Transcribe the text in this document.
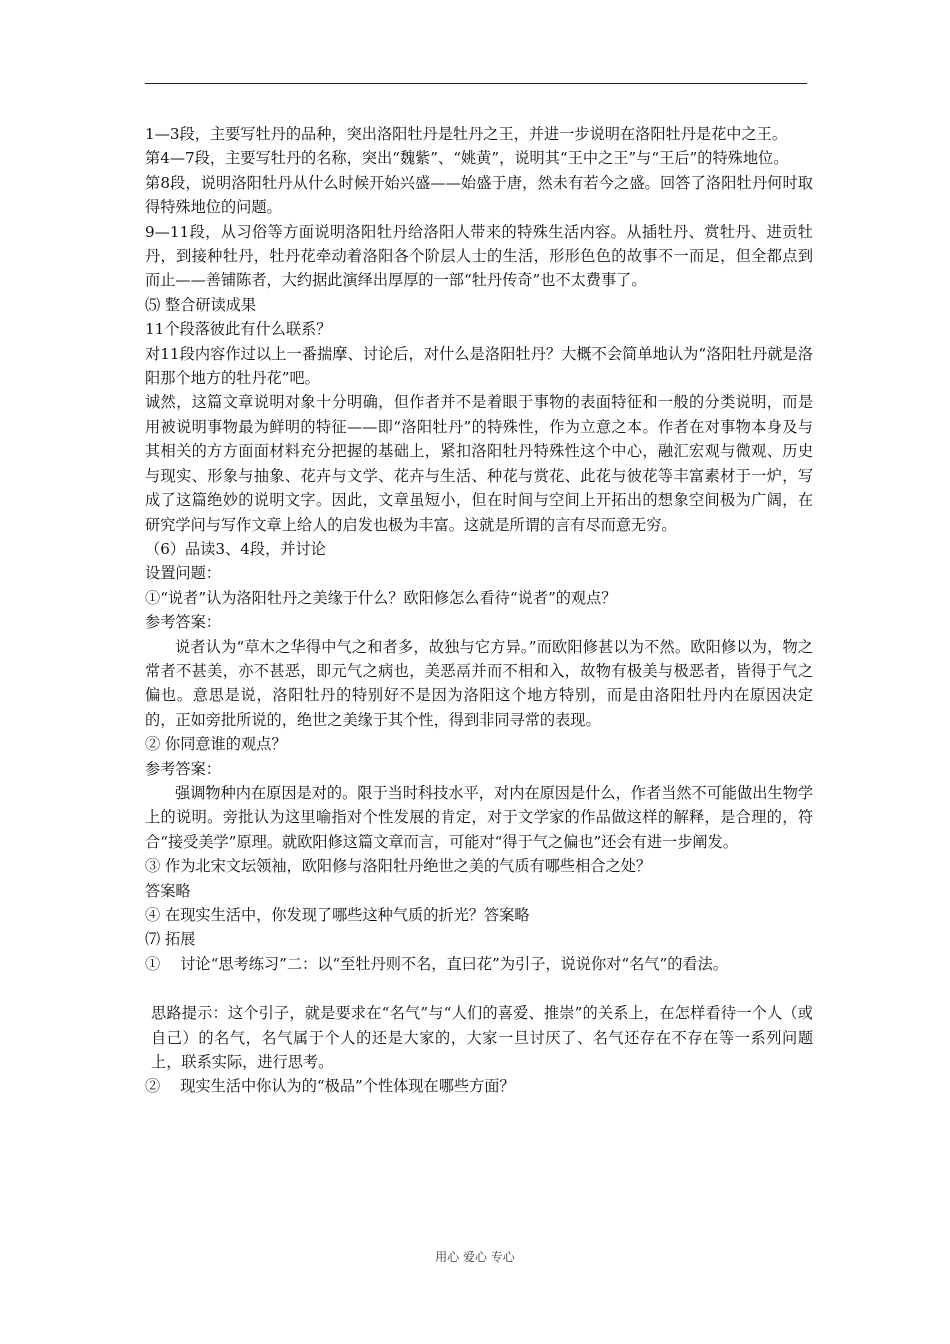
1—3段，主要写牡丹的品种，突出洛阳牡丹是牡丹之王，并进一步说明在洛阳牡丹是花中之王。

第4—7段，主要写牡丹的名称，突出“魏紫”、“姚黄”，说明其“王中之王”与“王后”的特殊地位。

第8段，说明洛阳牡丹从什么时候开始兴盛——始盛于唐，然未有若今之盛。回答了洛阳牡丹何时取得特殊地位的问题。

9—11段，从习俗等方面说明洛阳牡丹给洛阳人带来的特殊生活内容。从插牡丹、赏牡丹、进贡牡丹，到接种牡丹，牡丹花牵动着洛阳各个阶层人士的生活，形形色色的故事不一而足，但全都点到而止——善铺陈者，大约据此演绎出厚厚的一部“牡丹传奇”也不太费事了。

⑸ 整合研读成果

11个段落彼此有什么联系？

对11段内容作过以上一番揣摩、讨论后，对什么是洛阳牡丹？大概不会简单地认为“洛阳牡丹就是洛阳那个地方的牡丹花”吧。

诚然，这篇文章说明对象十分明确，但作者并不是着眼于事物的表面特征和一般的分类说明，而是用被说明事物最为鲜明的特征——即“洛阳牡丹”的特殊性，作为立意之本。作者在对事物本身及与其相关的方方面面材料充分把握的基础上，紧扣洛阳牡丹特殊性这个中心，融汇宏观与微观、历史与现实、形象与抽象、花卉与文学、花卉与生活、种花与赏花、此花与彼花等丰富素材于一炉，写成了这篇绝妙的说明文字。因此，文章虽短小，但在时间与空间上开拓出的想象空间极为广阔，在研究学问与写作文章上给人的启发也极为丰富。这就是所谓的言有尽而意无穷。

（6）品读3、4段，并讨论

设置问题：

①“说者”认为洛阳牡丹之美缘于什么？欧阳修怎么看待“说者”的观点？

参考答案：

说者认为“草木之华得中气之和者多，故独与它方异。”而欧阳修甚以为不然。欧阳修以为，物之常者不甚美，亦不甚恶，即元气之病也，美恶鬲并而不相和入，故物有极美与极恶者，皆得于气之偏也。意思是说，洛阳牡丹的特别好不是因为洛阳这个地方特别，而是由洛阳牡丹内在原因决定的，正如旁批所说的，绝世之美缘于其个性，得到非同寻常的表现。

② 你同意谁的观点？

参考答案：

强调物种内在原因是对的。限于当时科技水平，对内在原因是什么，作者当然不可能做出生物学上的说明。旁批认为这里喻指对个性发展的肯定，对于文学家的作品做这样的解释，是合理的，符合“接受美学”原理。就欧阳修这篇文章而言，可能对“得于气之偏也”还会有进一步阐发。

③ 作为北宋文坛领袖，欧阳修与洛阳牡丹绝世之美的气质有哪些相合之处？

答案略

④ 在现实生活中，你发现了哪些这种气质的折光？答案略

⑺ 拓展

①　 讨论“思考练习”二：以“至牡丹则不名，直曰花”为引子，说说你对“名气”的看法。

思路提示：这个引子，就是要求在“名气”与“人们的喜爱、推崇”的关系上，在怎样看待一个人（或自己）的名气，名气属于个人的还是大家的，大家一旦讨厌了、名气还存在不存在等一系列问题上，联系实际，进行思考。

②　 现实生活中你认为的“极品”个性体现在哪些方面？

用心 爱心 专心
